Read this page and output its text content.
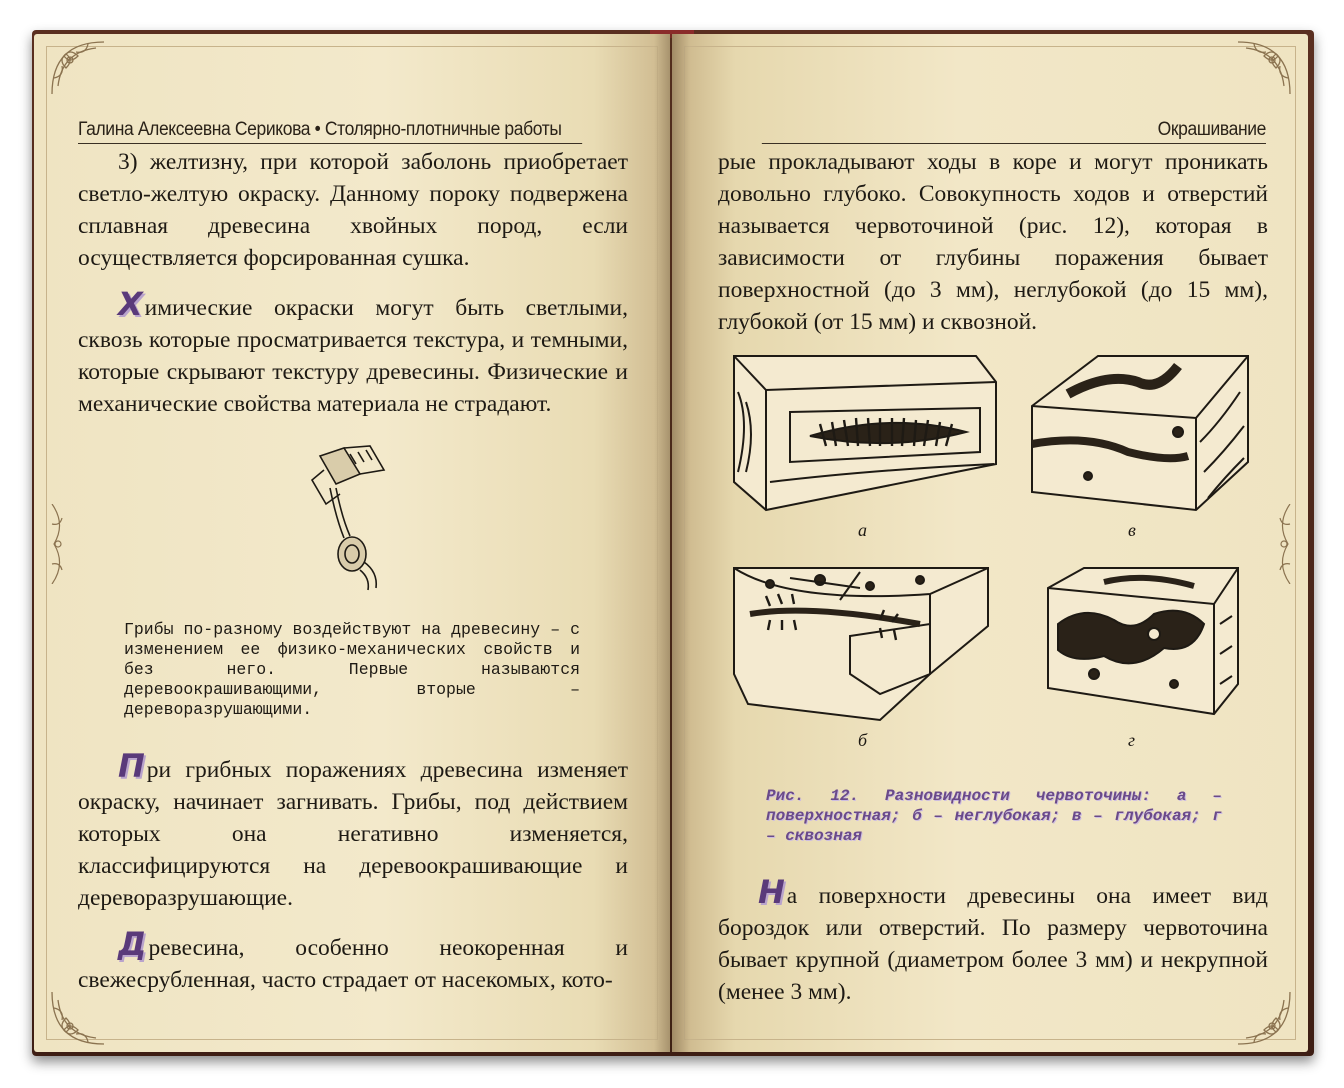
Галина Алексеевна Серикова • Столярно-плотничные работы

3) желтизну, при которой заболонь приобретает светло-желтую окраску. Данному пороку подвержена сплавная древесина хвойных пород, если осуществляется форсированная сушка.

Химические окраски могут быть светлыми, сквозь которые просматривается текстура, и темными, которые скрывают текстуру древесины. Физические и механические свойства материала не страдают.

Грибы по-разному воздействуют на древесину – с изменением ее физико-механических свойств и без него. Первые называются деревоокрашивающими, вторые – дереворазрушающими.

При грибных поражениях древесина изменяет окраску, начинает загнивать. Грибы, под действием которых она негативно изменяется, классифицируются на деревоокрашивающие и дереворазрушающие.

Древесина, особенно неокоренная и свежесрубленная, часто страдает от насекомых, кото-

Окрашивание

рые прокладывают ходы в коре и могут проникать довольно глубоко. Совокупность ходов и отверстий называется червоточиной (рис. 12), которая в зависимости от глубины поражения бывает поверхностной (до 3 мм), неглубокой (до 15 мм), глубокой (от 15 мм) и сквозной.

а	в
б	г
Рис. 12. Разновидности червоточины: а – поверхностная; б – неглубокая; в – глубокая; г – сквозная

На поверхности древесины она имеет вид бороздок или отверстий. По размеру червоточина бывает крупной (диаметром более 3 мм) и некрупной (менее 3 мм).
